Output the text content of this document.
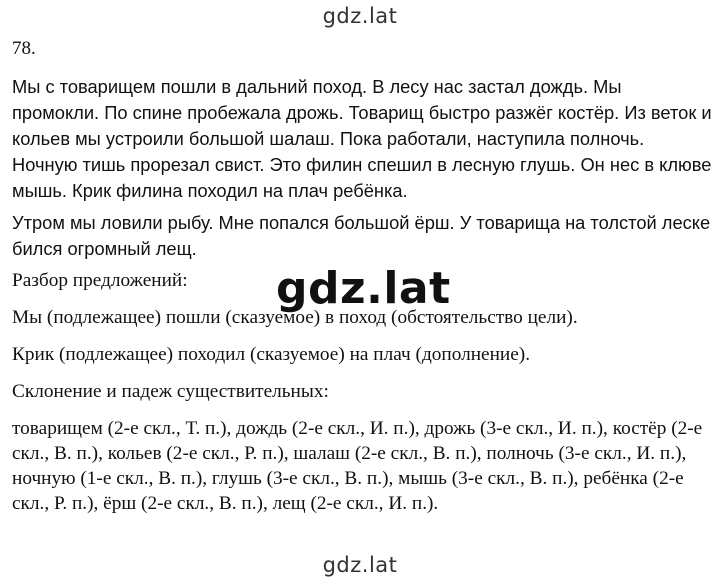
gdz.lat
78.

Мы с товарищем пошли в дальний поход. В лесу нас застал дождь. Мы промокли. По спине пробежала дрожь. Товарищ быстро разжёг костёр. Из веток и кольев мы устроили большой шалаш. Пока работали, наступила полночь. Ночную тишь прорезал свист. Это филин спешил в лесную глушь. Он нес в клюве мышь. Крик филина походил на плач ребёнка.

Утром мы ловили рыбу. Мне попался большой ёрш. У товарища на толстой леске бился огромный лещ.

Разбор предложений:

Мы (подлежащее) пошли (сказуемое) в поход (обстоятельство цели).

Крик (подлежащее) походил (сказуемое) на плач (дополнение).

Склонение и падеж существительных:

товарищем (2-е скл., Т. п.), дождь (2-е скл., И. п.), дрожь (3-е скл., И. п.), костёр (2-е скл., В. п.), кольев (2-е скл., Р. п.), шалаш (2-е скл., В. п.), полночь (3-е скл., И. п.), ночную (1-е скл., В. п.), глушь (3-е скл., В. п.), мышь (3-е скл., В. п.), ребёнка (2-е скл., Р. п.), ёрш (2-е скл., В. п.), лещ (2-е скл., И. п.).

gdz.lat
gdz.lat
